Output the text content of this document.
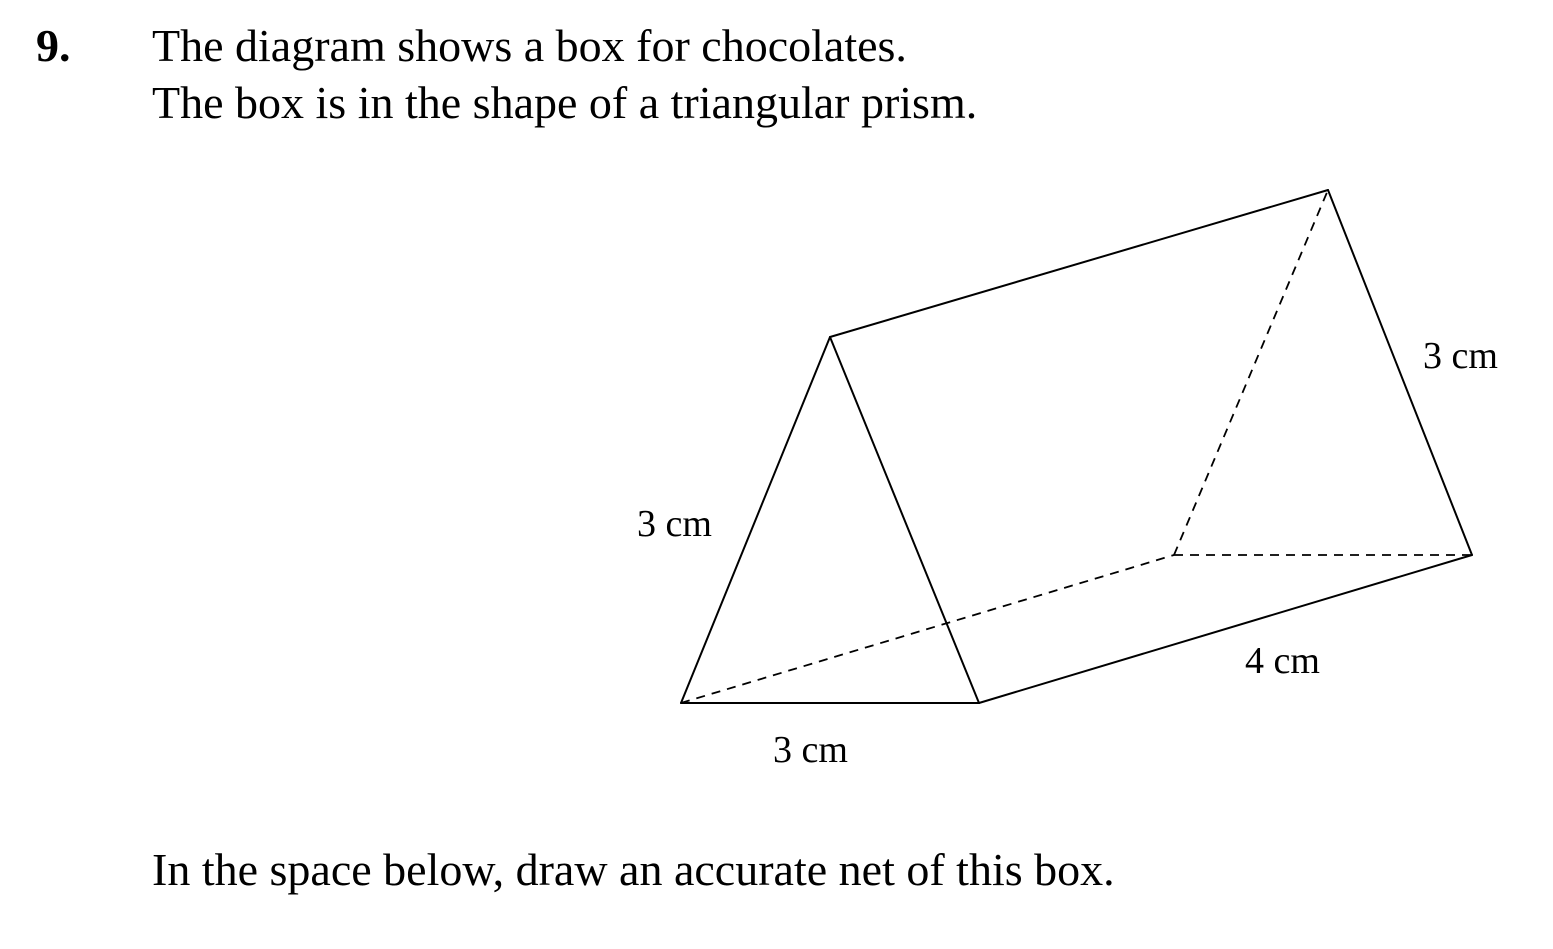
9. The diagram shows a box for chocolates.
The box is in the shape of a triangular prism.
3 cm
3 cm
4 cm
3 cm
In the space below, draw an accurate net of this box.
